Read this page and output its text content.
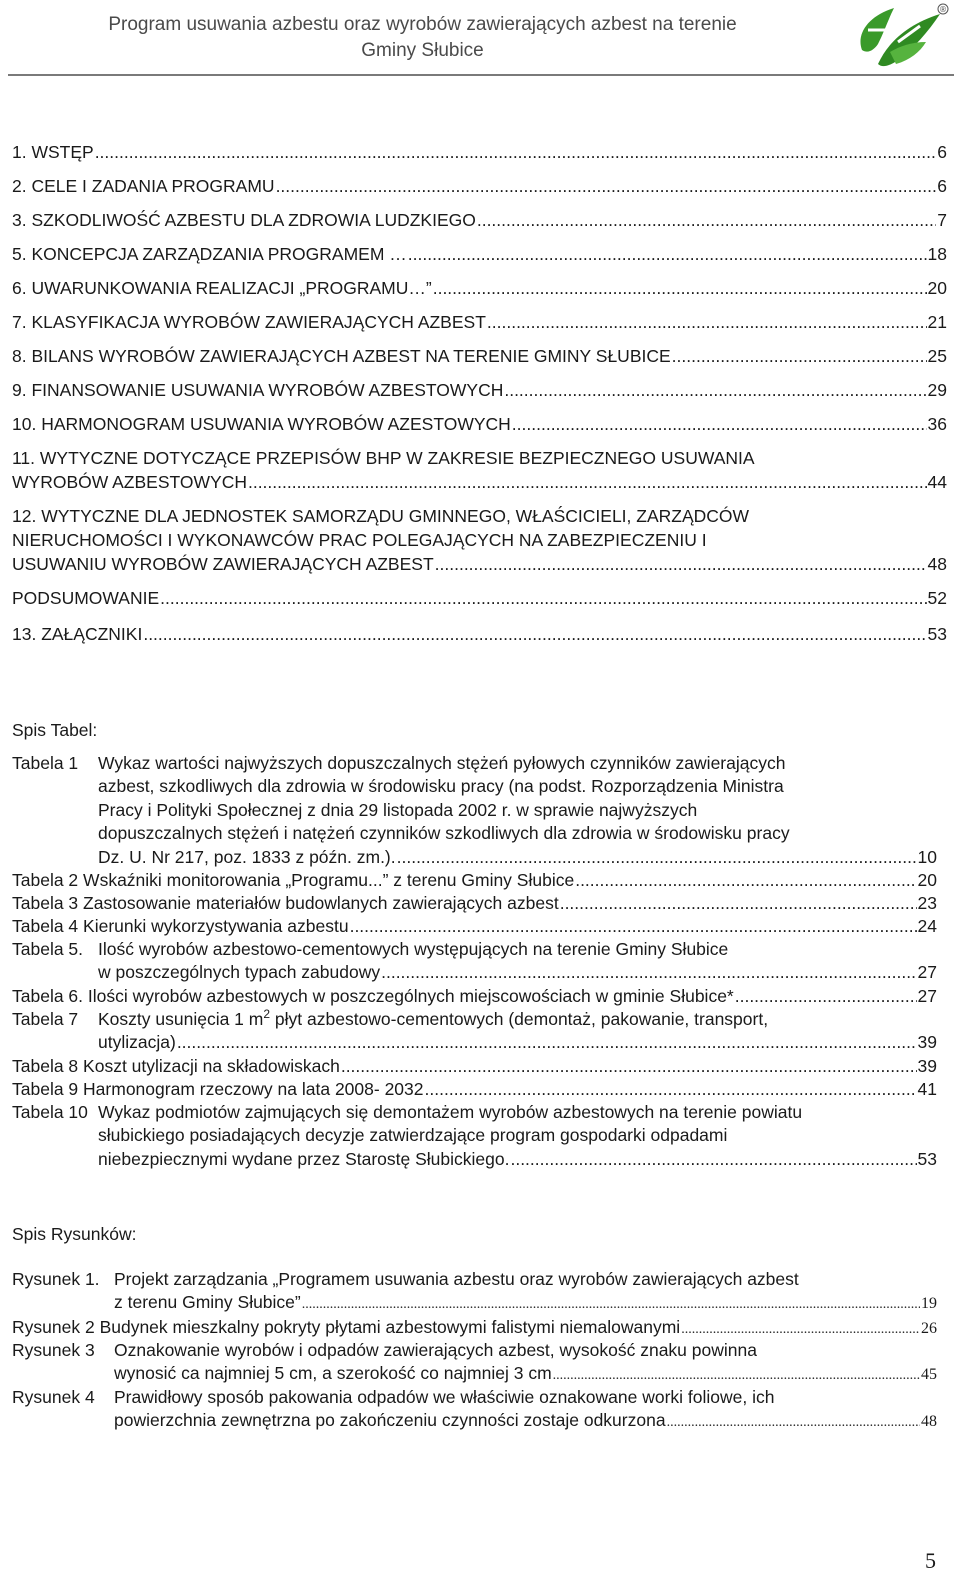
Program usuwania azbestu oraz wyrobów zawierających azbest na terenie
Gminy Słubice
®
1. WSTĘP .....	6
2. CELE I ZADANIA PROGRAMU .....	6
3. SZKODLIWOŚĆ AZBESTU DLA ZDROWIA LUDZKIEGO .....	7
5. KONCEPCJA ZARZĄDZANIA PROGRAMEM … .....	18
6. UWARUNKOWANIA REALIZACJI „PROGRAMU…” .....	20
7. KLASYFIKACJA WYROBÓW ZAWIERAJĄCYCH AZBEST .....	21
8. BILANS WYROBÓW ZAWIERAJĄCYCH AZBEST NA TERENIE GMINY SŁUBICE .....	25
9. FINANSOWANIE USUWANIA WYROBÓW AZBESTOWYCH .....	29
10. HARMONOGRAM USUWANIA WYROBÓW AZESTOWYCH .....	36
11. WYTYCZNE DOTYCZĄCE PRZEPISÓW BHP W ZAKRESIE BEZPIECZNEGO USUWANIA
WYROBÓW AZBESTOWYCH .....	44
12. WYTYCZNE DLA JEDNOSTEK SAMORZĄDU GMINNEGO, WŁAŚCICIELI, ZARZĄDCÓW
NIERUCHOMOŚCI I WYKONAWCÓW PRAC POLEGAJĄCYCH NA ZABEZPIECZENIU I
USUWANIU WYROBÓW ZAWIERAJĄCYCH AZBEST .....	48
PODSUMOWANIE .....	52
13. ZAŁĄCZNIKI .....	53
Spis Tabel:
Tabela 1 Wykaz wartości najwyższych dopuszczalnych stężeń pyłowych czynników zawierających
azbest, szkodliwych dla zdrowia w środowisku pracy (na podst. Rozporządzenia Ministra
Pracy i Polityki Społecznej z dnia 29 listopada 2002 r. w sprawie najwyższych
dopuszczalnych stężeń i natężeń czynników szkodliwych dla zdrowia w środowisku pracy
Dz. U. Nr 217, poz. 1833 z późn. zm.). .....	10
Tabela 2
Wskaźniki monitorowania „Programu...” z terenu Gminy Słubice .....	20
Tabela 3
Zastosowanie materiałów budowlanych zawierających azbest .....	23
Tabela 4
Kierunki wykorzystywania azbestu .....	24
Tabela 5. Ilość wyrobów azbestowo-cementowych występujących na terenie Gminy Słubice
w poszczególnych typach zabudowy .....	27
Tabela 6.
Ilości wyrobów azbestowych w poszczególnych miejscowościach w gminie Słubice* .....	27
Tabela 7 Koszty usunięcia 1 $m^2$ płyt azbestowo-cementowych (demontaż, pakowanie, transport,
utylizacja) .....	39
Tabela 8
Koszt utylizacji na składowiskach .....	39
Tabela 9
Harmonogram rzeczowy na lata 2008- 2032 .....	41
Tabela 10 Wykaz podmiotów zajmujących się demontażem wyrobów azbestowych na terenie powiatu
słubickiego posiadających decyzje zatwierdzające program gospodarki odpadami
niebezpiecznymi wydane przez Starostę Słubickiego. .....	53
Spis Rysunków:
Rysunek 1. Projekt zarządzania „Programem usuwania azbestu oraz wyrobów zawierających azbest
z terenu Gminy Słubice” .....	19
Rysunek 2
Budynek mieszkalny pokryty płytami azbestowymi falistymi niemalowanymi .....	26
Rysunek 3 Oznakowanie wyrobów i odpadów zawierających azbest, wysokość znaku powinna
wynosić ca najmniej 5 cm, a szerokość co najmniej 3 cm .....	45
Rysunek 4 Prawidłowy sposób pakowania odpadów we właściwie oznakowane worki foliowe, ich
powierzchnia zewnętrzna po zakończeniu czynności zostaje odkurzona .....	48
5
